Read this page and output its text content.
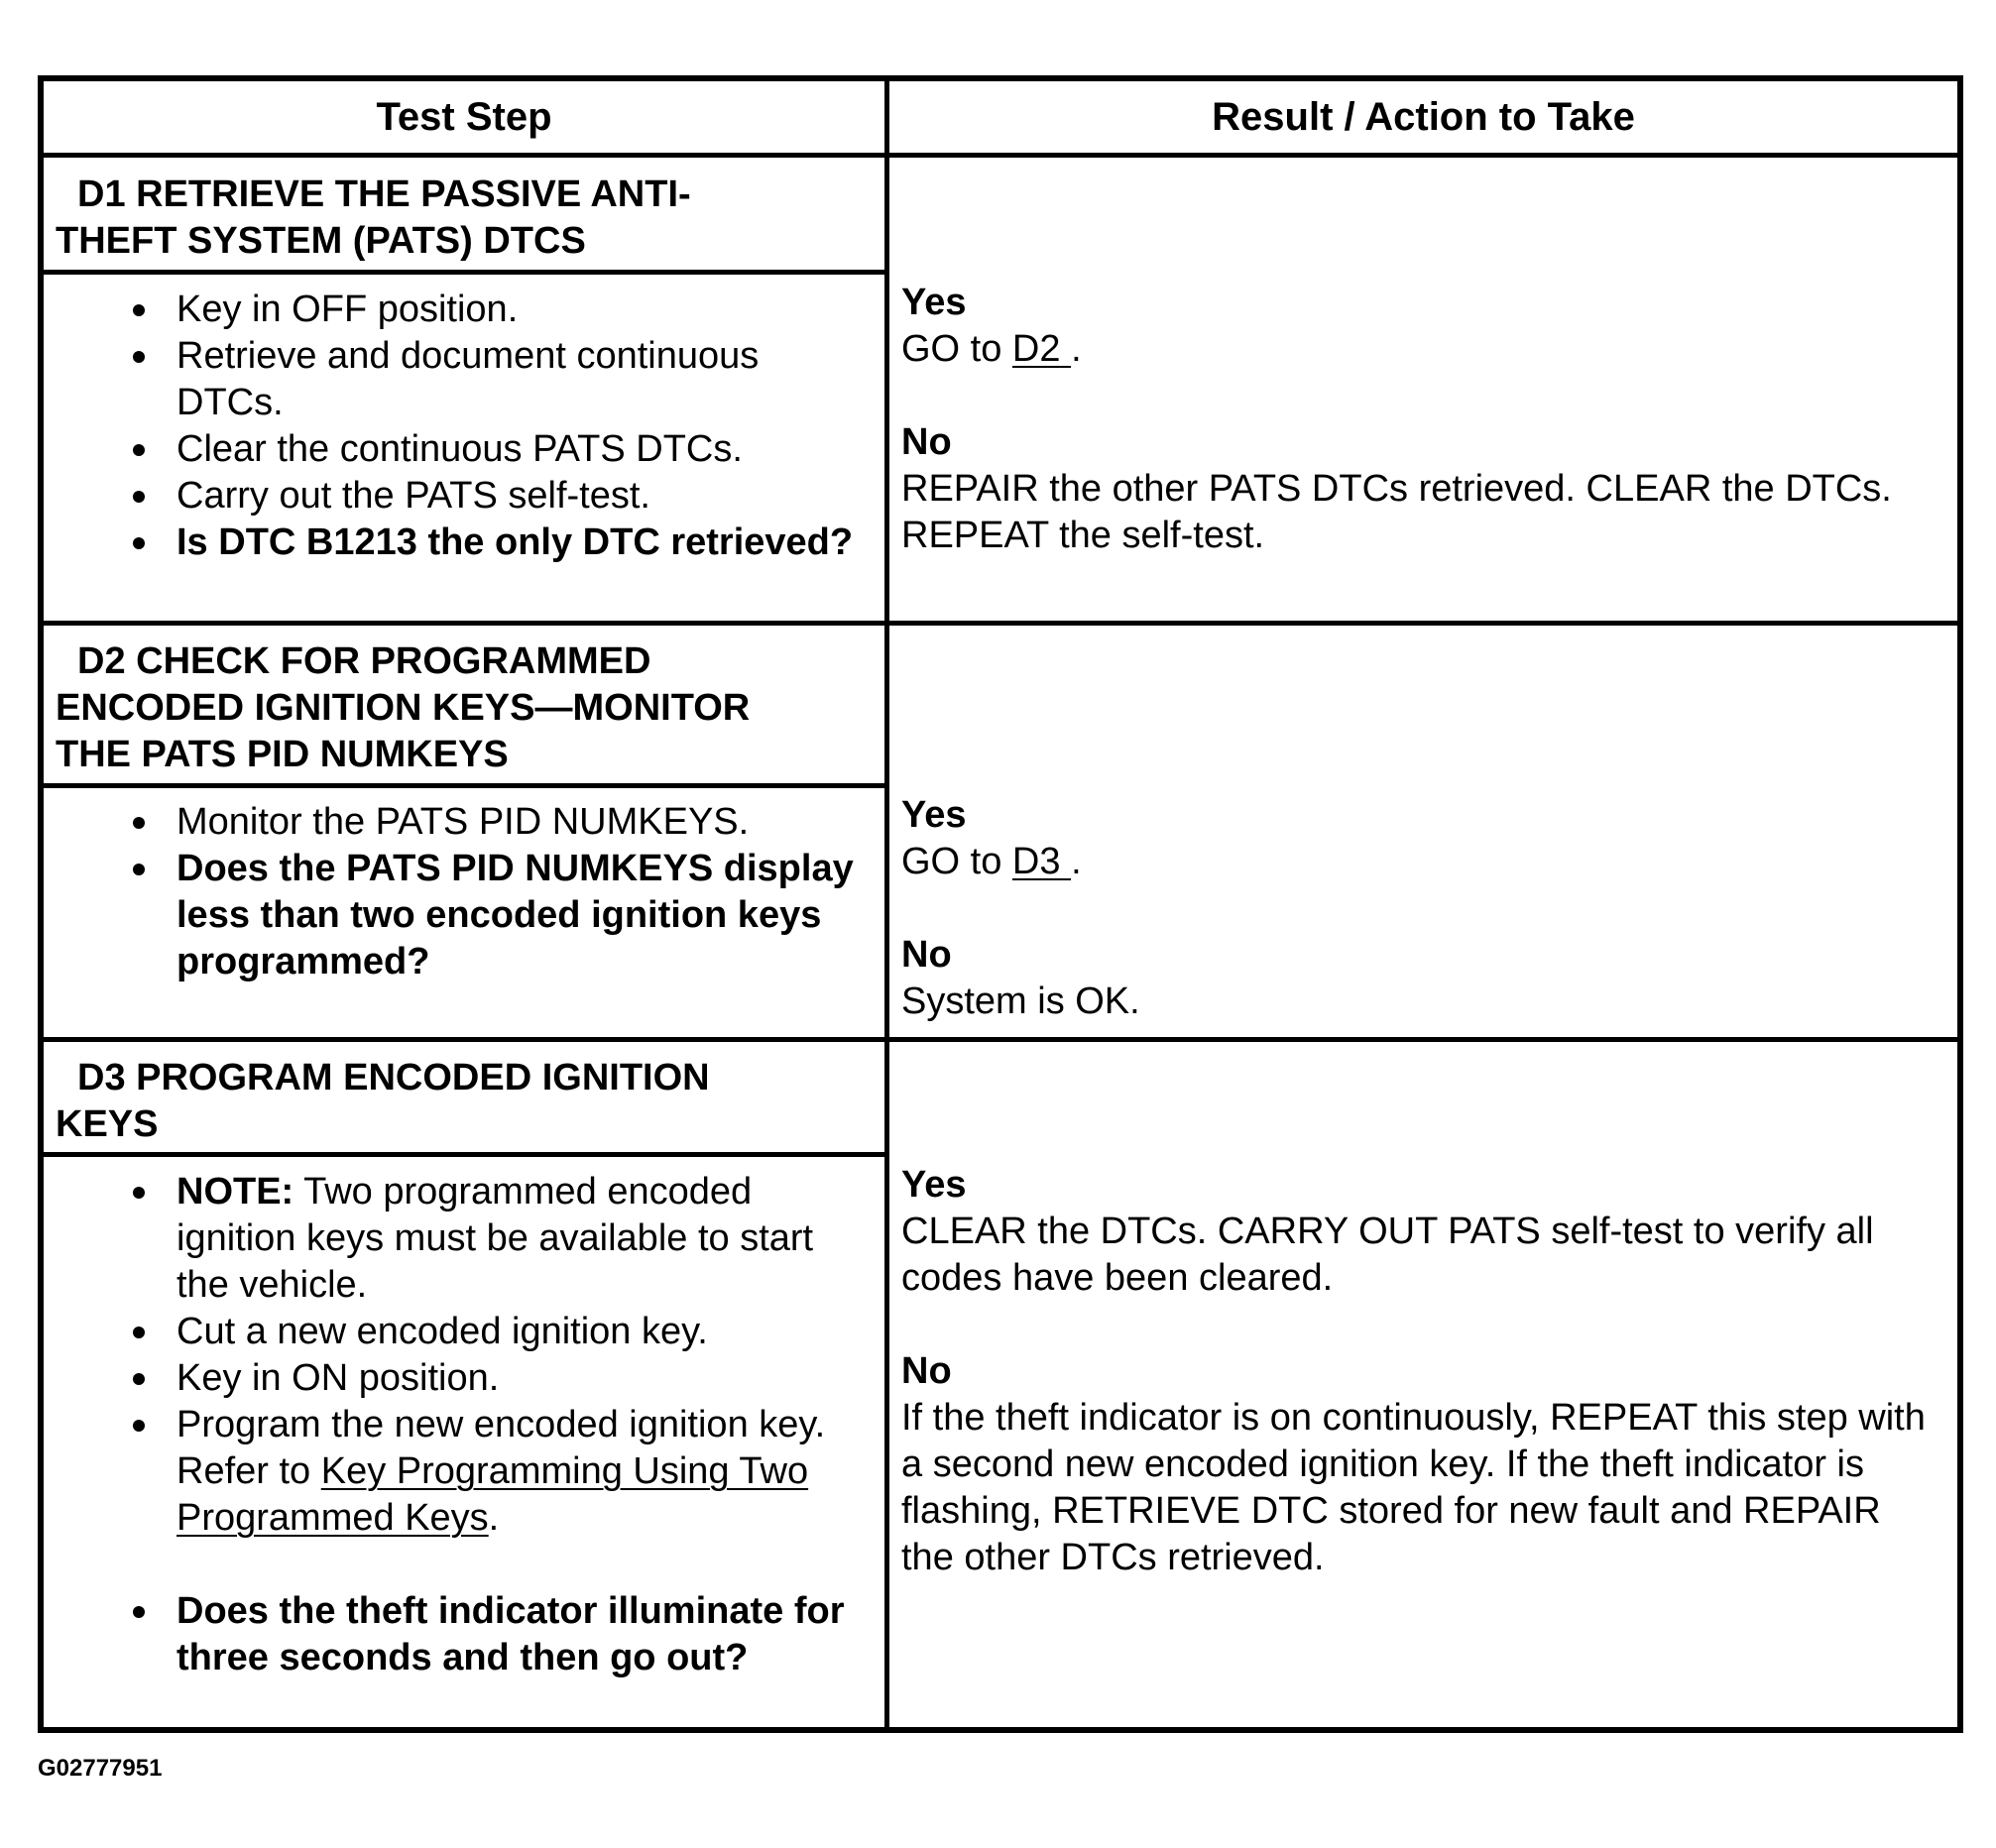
Test Step	Result / Action to Take
D1 RETRIEVE THE PASSIVE ANTI-
THEFT SYSTEM (PATS) DTCS
Key in OFF position.
Retrieve and document continuous DTCs.
Clear the continuous PATS DTCs.
Carry out the PATS self-test.
Is DTC B1213 the only DTC retrieved?
Yes
GO to D2 .
No
REPAIR the other PATS DTCs retrieved. CLEAR the DTCs. REPEAT the self-test.
D2 CHECK FOR PROGRAMMED
ENCODED IGNITION KEYS—MONITOR
THE PATS PID NUMKEYS
Monitor the PATS PID NUMKEYS.
Does the PATS PID NUMKEYS display less than two encoded ignition keys programmed?
Yes
GO to D3 .
No
System is OK.
D3 PROGRAM ENCODED IGNITION
KEYS
NOTE: Two programmed encoded ignition keys must be available to start the vehicle.
Cut a new encoded ignition key.
Key in ON position.
Program the new encoded ignition key. Refer to Key Programming Using Two Programmed Keys.
Does the theft indicator illuminate for three seconds and then go out?
Yes
CLEAR the DTCs. CARRY OUT PATS self-test to verify all codes have been cleared.
No
If the theft indicator is on continuously, REPEAT this step with a second new encoded ignition key. If the theft indicator is flashing, RETRIEVE DTC stored for new fault and REPAIR the other DTCs retrieved.
G02777951
